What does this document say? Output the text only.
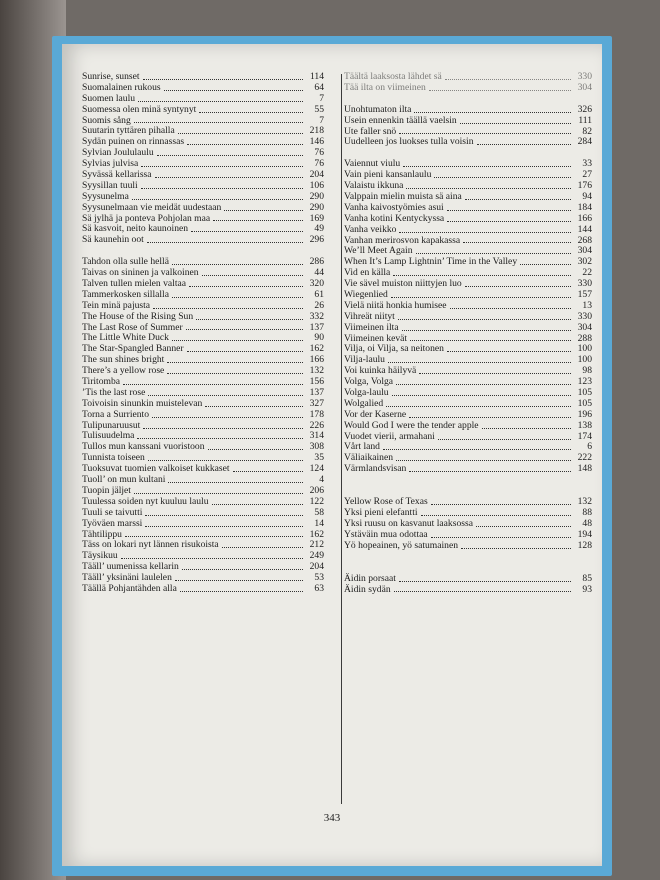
Sunrise, sunset	114
Suomalainen rukous	64
Suomen laulu	7
Suomessa olen minä syntynyt	55
Suomis sång	7
Suutarin tyttären pihalla	218
Sydän puinen on rinnassas	146
Sylvian Joululaulu	76
Sylvias julvisa	76
Syvässä kellarissa	204
Syysillan tuuli	106
Syysunelma	290
Syysunelmaan vie meidät uudestaan	290
Sä jylhä ja ponteva Pohjolan maa	169
Sä kasvoit, neito kaunoinen	49
Sä kaunehin oot	296
Tahdon olla sulle hellä	286
Taivas on sininen ja valkoinen	44
Talven tullen mielen valtaa	320
Tammerkosken sillalla	61
Tein minä pajusta	26
The House of the Rising Sun	332
The Last Rose of Summer	137
The Little White Duck	90
The Star-Spangled Banner	162
The sun shines bright	166
There’s a yellow rose	132
Tiritomba	156
’Tis the last rose	137
Toivoisin sinunkin muistelevan	327
Torna a Surriento	178
Tulipunaruusut	226
Tulisuudelma	314
Tullos mun kanssani vuoristoon	308
Tunnista toiseen	35
Tuoksuvat tuomien valkoiset kukkaset	124
Tuoll’ on mun kultani	4
Tuopin jäljet	206
Tuulessa soiden nyt kuuluu laulu	122
Tuuli se taivutti	58
Työväen marssi	14
Tähtilippu	162
Täss on lokari nyt lännen risukoista	212
Täysikuu	249
Tääll’ uumenissa kellarin	204
Tääll’ yksinäni laulelen	53
Täällä Pohjantähden alla	63
Täältä laaksosta lähdet sä	330
Tää ilta on viimeinen	304
Unohtumaton ilta	326
Usein ennenkin täällä vaelsin	111
Ute faller snö	82
Uudelleen jos luokses tulla voisin	284
Vaiennut viulu	33
Vain pieni kansanlaulu	27
Valaistu ikkuna	176
Valppain mielin muista sä aina	94
Vanha kaivostyömies asui	184
Vanha kotini Kentyckyssa	166
Vanha veikko	144
Vanhan merirosvon kapakassa	268
We’ll Meet Again	304
When It’s Lamp Lightnin’ Time in the Valley	302
Vid en källa	22
Vie sävel muiston niittyjen luo	330
Wiegenlied	157
Vielä niitä honkia humisee	13
Vihreät niityt	330
Viimeinen ilta	304
Viimeinen kevät	288
Vilja, oi Vilja, sa neitonen	100
Vilja-laulu	100
Voi kuinka häilyvä	98
Volga, Volga	123
Volga-laulu	105
Wolgalied	105
Vor der Kaserne	196
Would God I were the tender apple	138
Vuodet vierii, armahani	174
Vårt land	6
Väliaikainen	222
Värmlandsvisan	148
Yellow Rose of Texas	132
Yksi pieni elefantti	88
Yksi ruusu on kasvanut laaksossa	48
Ystäväin mua odottaa	194
Yö hopeainen, yö satumainen	128
Äidin porsaat	85
Äidin sydän	93
343
